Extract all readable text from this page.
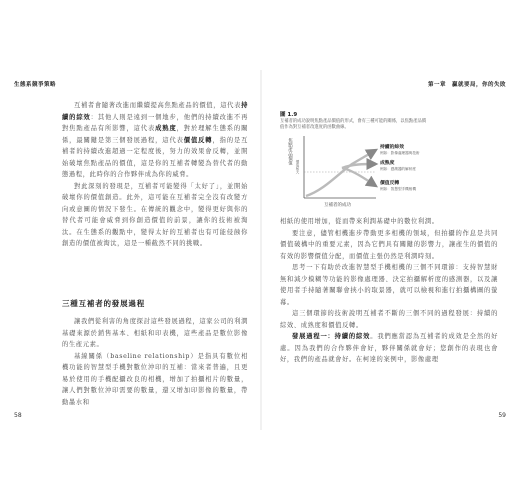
生態系競爭策略

互補者會隨著改進而繼續提高焦點產品的價值，這代表持續的綜效：其他人則是遠到一個地步，他們的持續改進不再對焦點產品有所影響，這代表成熟度，對於理解生態系的關係，最關鍵是第三個發展過程，這代表價值反轉，指的是互補者的持續改進超過一定程度後，努力的效果會反轉，並開始破壞焦點產品的價值，這是你的互補者轉變為替代者的動態過程，此時你的合作夥伴成為你的威脅。

對此深刻的發現是，互補者可能變得「太好了」，並開始破壞你的價值創造。此外，這可能在互補者完全沒有改變方向或意圖的情況下發生。在傳統的觀念中，變得更好與你的替代者可能會威脅到你創造價值的前景，讓你的技術被淘汰。在生態系的觀點中，變得太好的互補者也有可能侵蝕你創造的價值被淘汰，這是一種截然不同的挑戰。

三種互補者的發展過程

讓我們從利害的角度探討這些發展過程，這家公司的利潤基礎來源於銷售基本、相紙和印表機，這些產品是數位影像的生產元素。

基線關係（baseline relationship）是指具有數位相機功能的智慧型手機對數位沖印的互補：當來者普遍，且更易於使用的手機配攝改良的相機，增加了拍攝相片的數量，讓人們對數位沖印需要的數量，還又增加印影像的數量，帶動墨水和

58
第一章　贏就要局，你的失敗
圖 1.9
互補者的成功說明焦點產品價值的形式，會有三種可能的關係，以焦點產品價值作為對互補者改進度的函數曲線。
焦點產品價值
價值極大
互補者的成功
持續的綜效
例如：影像處理器與技術
成熟度
例如：感測器的解析度
價值反轉
例如：智慧型手機相機

相紙的使用增加，從而帶來利潤基礎中的數位利潤。

要注意，儘管相機進步帶動更多相機的領域，但拍攝的作息是共同價值破構中的重要元素，因為它們具有關鍵的影響力，讓產生的價值的有效的影響價值分配，而價值主張仍然是利潤時刻。

思考一下有助於改進智慧型手機相機的三個不同環節：支持智慧財無和減少模糊等功能的影像處理器、決定拍攝解析度的感測器，以及讓使用者手持隨著關聯會挾小的取景器，就可以檢視和進行拍攝構圖的螢幕。

這三個環節的技術說明互補者不斷的三個不同的過程發展：持續的綜效、成熟度和價值反轉。

發展過程一：持續的綜效。我們應當認為互補者的成效是全然的好處。因為我們的合作夥伴會好，夥伴關係就會好；您創作的表現也會好，我們的產品就會好。在柯達的案例中，影像處理

59
